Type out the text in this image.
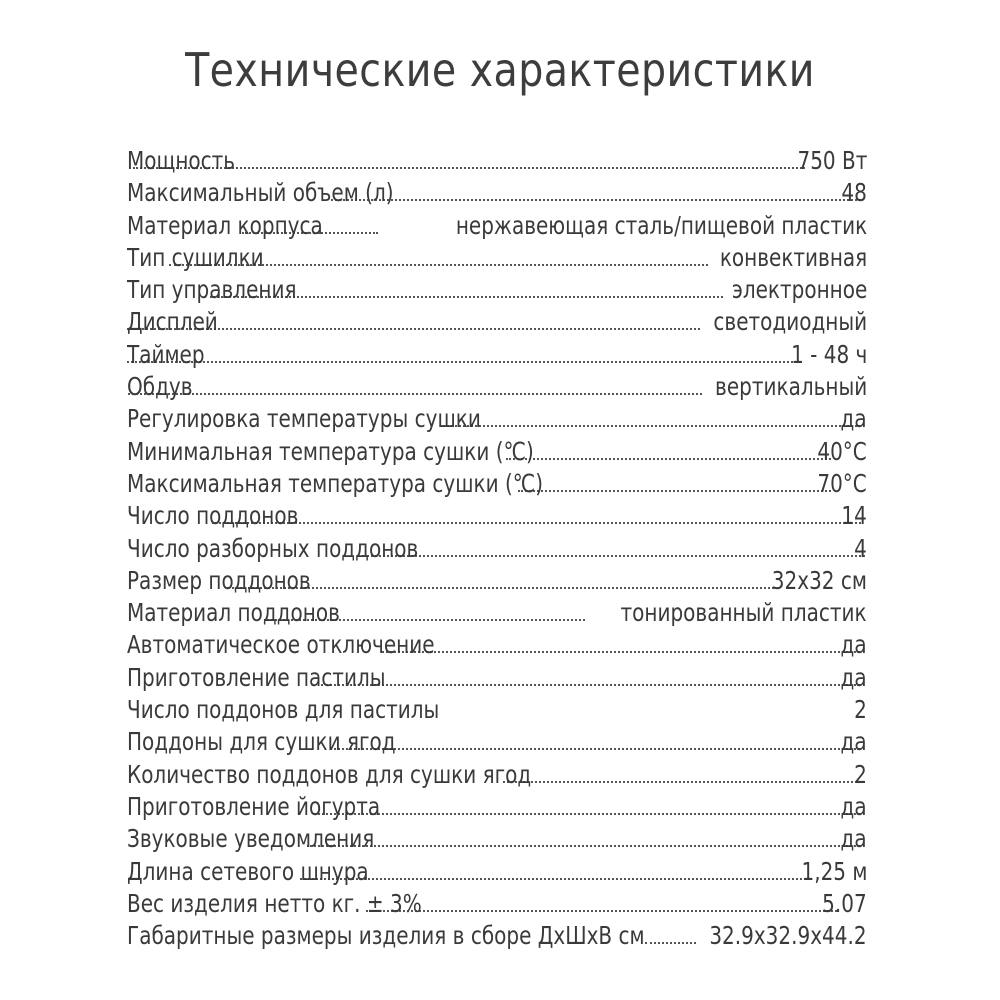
Технические характеристики
Мощность	750 Вт
Максимальный объем (л)	48
Материал корпуса	нержавеющая сталь/пищевой пластик
Тип сушилки	конвективная
Тип управления	электронное
Дисплей	светодиодный
Таймер	1 - 48 ч
Обдув	вертикальный
Регулировка температуры сушки	да
Минимальная температура сушки (℃)	40°C
Максимальная температура сушки (℃)	70°C
Число поддонов	14
Число разборных поддонов	4
Размер поддонов	32x32 см
Материал поддонов	тонированный пластик
Автоматическое отключение	да
Приготовление пастилы	да
Число поддонов для пастилы	2
Поддоны для сушки ягод	да
Количество поддонов для сушки ягод	2
Приготовление йогурта	да
Звуковые уведомления	да
Длина сетевого шнура	1,25 м
Вес изделия нетто кг. ± 3%	5.07
Габаритные размеры изделия в сборе ДхШхВ см	32.9x32.9x44.2
